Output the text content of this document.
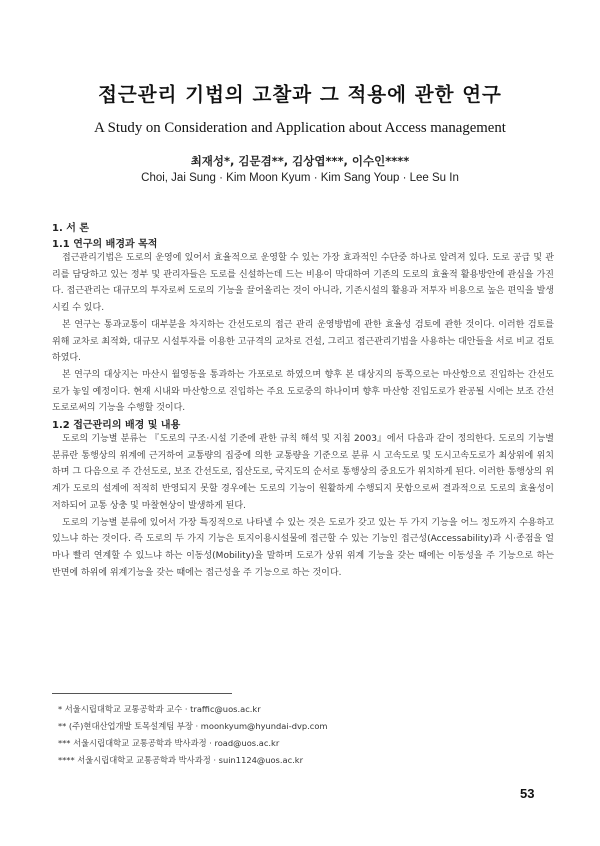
접근관리 기법의 고찰과 그 적용에 관한 연구
A Study on Consideration and Application about Access management
최재성*, 김문겸**, 김상엽***, 이수인****
Choi, Jai Sung · Kim Moon Kyum · Kim Sang Youp · Lee Su In
1. 서 론
1.1 연구의 배경과 목적

접근관리기법은 도로의 운영에 있어서 효율적으로 운영할 수 있는 가장 효과적인 수단중 하나로 알려져 있다. 도로 공급 및 관리를 담당하고 있는 정부 및 관리자들은 도로를 신설하는데 드는 비용이 막대하여 기존의 도로의 효율적 활용방안에 관심을 가진다. 접근관리는 대규모의 투자로써 도로의 기능을 끌어올리는 것이 아니라, 기존시설의 활용과 저투자 비용으로 높은 편익을 발생시킬 수 있다.

본 연구는 통과교통이 대부분을 차지하는 간선도로의 접근 관리 운영방법에 관한 효율성 검토에 관한 것이다. 이러한 검토를 위해 교차로 최적화, 대규모 시설투자를 이용한 고규격의 교차로 건설, 그리고 접근관리기법을 사용하는 대안들을 서로 비교 검토하였다.

본 연구의 대상지는 마산시 월영동을 통과하는 가포로로 하였으며 향후 본 대상지의 동쪽으로는 마산항으로 진입하는 간선도로가 놓일 예정이다. 현재 시내와 마산항으로 진입하는 주요 도로중의 하나이며 향후 마산항 진입도로가 완공될 시에는 보조 간선도로로써의 기능을 수행할 것이다.

1.2 접근관리의 배경 및 내용

도로의 기능별 분류는 『도로의 구조·시설 기준에 관한 규칙 해석 및 지침 2003』에서 다음과 같이 정의한다. 도로의 기능별 분류란 통행상의 위계에 근거하여 교통량의 집중에 의한 교통량을 기준으로 분류 시 고속도로 및 도시고속도로가 최상위에 위치하며 그 다음으로 주 간선도로, 보조 간선도로, 집산도로, 국지도의 순서로 통행상의 중요도가 위치하게 된다. 이러한 통행상의 위계가 도로의 설계에 적적히 반영되지 못할 경우에는 도로의 기능이 원활하게 수행되지 못함으로써 결과적으로 도로의 효율성이 저하되어 교통 상충 및 마찰현상이 발생하게 된다.

도로의 기능별 분류에 있어서 가장 특징적으로 나타낼 수 있는 것은 도로가 갖고 있는 두 가지 기능을 어느 정도까지 수용하고 있느냐 하는 것이다. 즉 도로의 두 가지 기능은 토지이용시설물에 접근할 수 있는 기능인 접근성(Accessability)과 시·종점을 얼마나 빨리 연계할 수 있느냐 하는 이동성(Mobility)을 말하며 도로가 상위 위계 기능을 갖는 때에는 이동성을 주 기능으로 하는 반면에 하위에 위계기능을 갖는 때에는 접근성을 주 기능으로 하는 것이다.

* 서울시립대학교 교통공학과 교수 · traffic@uos.ac.kr
** (주)현대산업개발 토목설계팀 부장 · moonkyum@hyundai-dvp.com
*** 서울시립대학교 교통공학과 박사과정 · road@uos.ac.kr
**** 서울시립대학교 교통공학과 박사과정 · suin1124@uos.ac.kr
53
